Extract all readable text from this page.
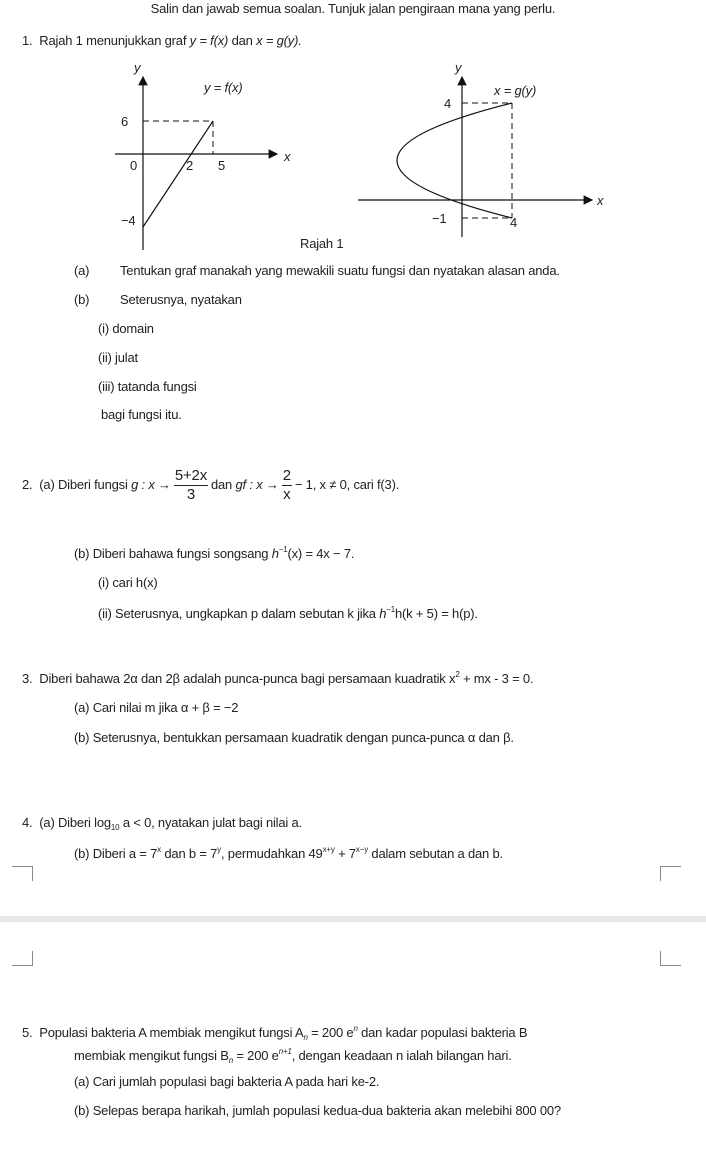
Salin dan jawab semua soalan. Tunjuk jalan pengiraan mana yang perlu.
1. Rajah 1 menunjukkan graf y = f(x) dan x = g(y).
y
x
y = f(x)
6
0	2 5
−4
y
x
x = g(y)
4
−1	4
Rajah 1
(a) Tentukan graf manakah yang mewakili suatu fungsi dan nyatakan alasan anda.
(b) Seterusnya, nyatakan
(i) domain
(ii) julat
(iii) tatanda fungsi
bagi fungsi itu.
2. (a) Diberi fungsi g : $x \to \frac{5+2x}{3}$ dan gf : $x \to \frac{2}{x} - 1$, x ≠ 0, cari f(3).
(b) Diberi bahawa fungsi songsang $h^{-1}(x) = 4x - 7$.
(i) cari h(x)
(ii) Seterusnya, ungkapkan p dalam sebutan k jika $h^{-1}h(k + 5) = h(p)$.
3. Diberi bahawa 2α dan 2β adalah punca-punca bagi persamaan kuadratik $x^2$ + mx - 3 = 0.
(a) Cari nilai m jika α + β = −2
(b) Seterusnya, bentukkan persamaan kuadratik dengan punca-punca α dan β.
4. (a) Diberi $\log_{10} a < 0$, nyatakan julat bagi nilai a.
(b) Diberi $a = 7^x$ dan $b = 7^y$, permudahkan $49^{x+y} + 7^{x-y}$ dalam sebutan a dan b.
5. Populasi bakteria A membiak mengikut fungsi $A_n = 200$ $e^n$ dan kadar populasi bakteria B
membiak mengikut fungsi $B_n = 200$ $e^{n+1}$, dengan keadaan n ialah bilangan hari.
(a) Cari jumlah populasi bagi bakteria A pada hari ke-2.
(b) Selepas berapa harikah, jumlah populasi kedua-dua bakteria akan melebihi 800 00?
